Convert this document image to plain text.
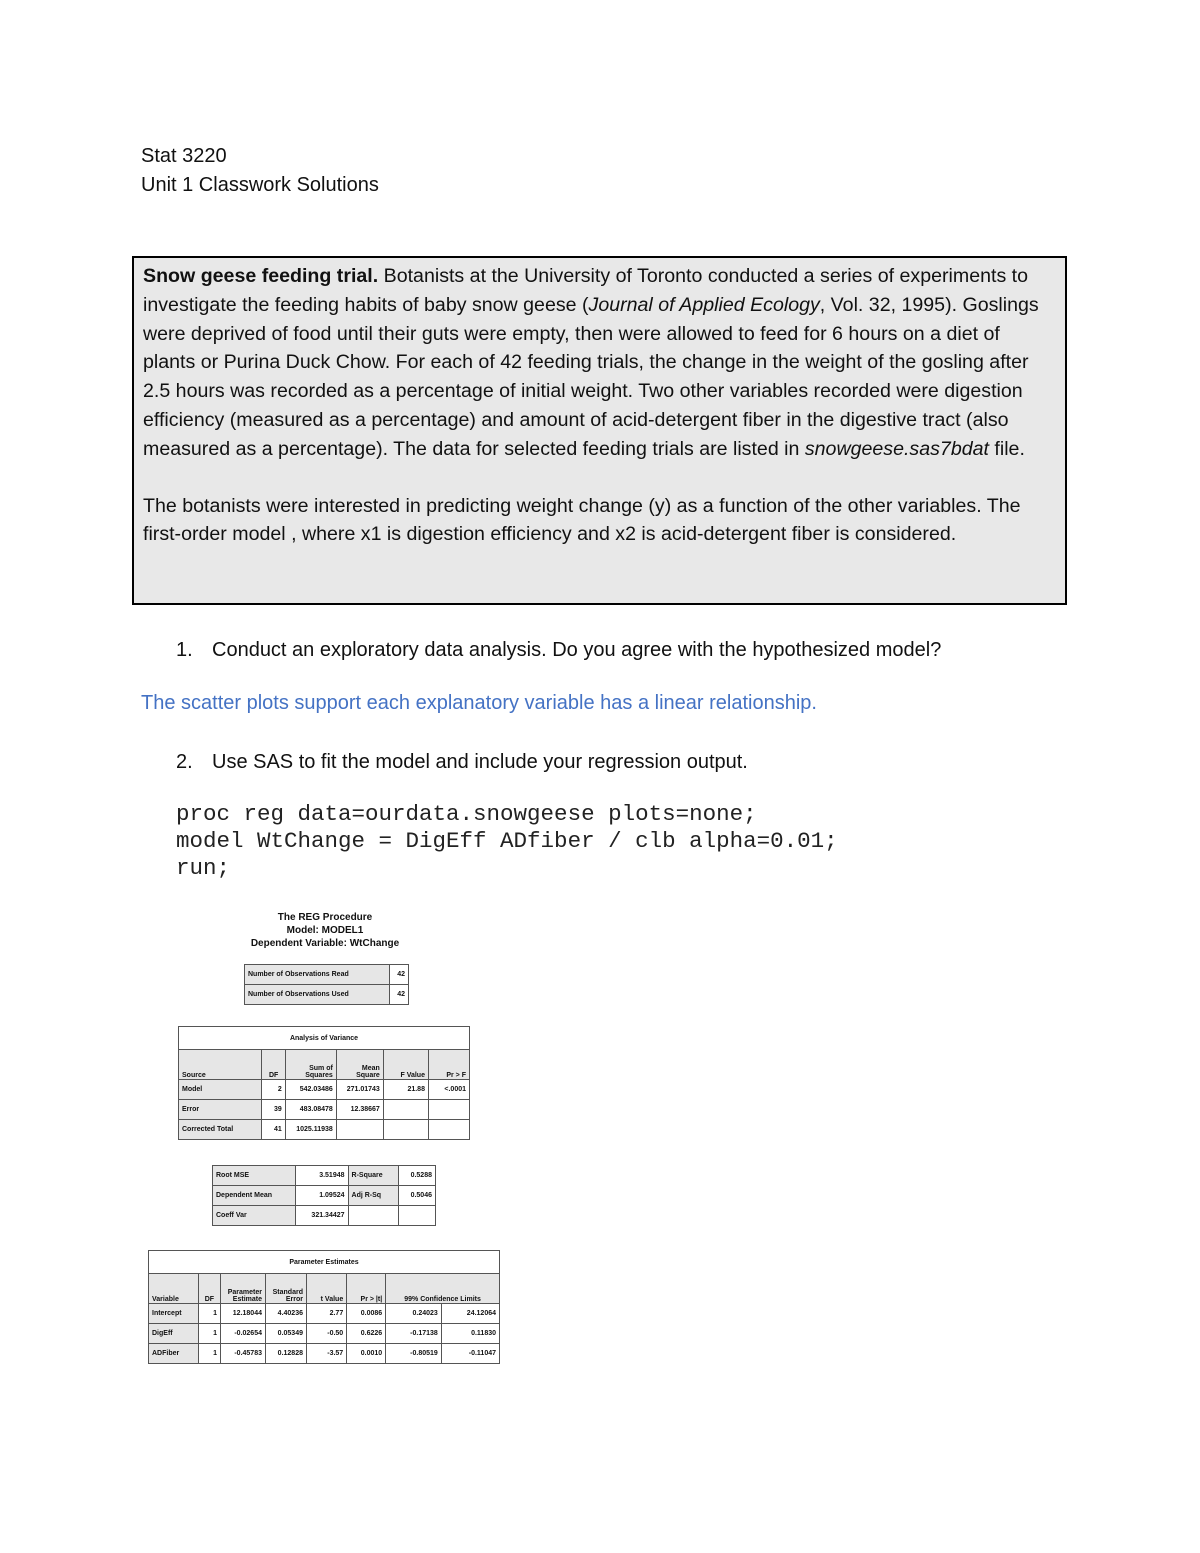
Stat 3220
Unit 1 Classwork Solutions

Snow geese feeding trial. Botanists at the University of Toronto conducted a series of experiments to investigate the feeding habits of baby snow geese (Journal of Applied Ecology, Vol. 32, 1995). Goslings were deprived of food until their guts were empty, then were allowed to feed for 6 hours on a diet of plants or Purina Duck Chow. For each of 42 feeding trials, the change in the weight of the gosling after 2.5 hours was recorded as a percentage of initial weight. Two other variables recorded were digestion efficiency (measured as a percentage) and amount of acid-detergent fiber in the digestive tract (also measured as a percentage). The data for selected feeding trials are listed in snowgeese.sas7bdat file.

The botanists were interested in predicting weight change (y) as a function of the other variables. The first-order model , where x1 is digestion efficiency and x2 is acid-detergent fiber is considered.

1. Conduct an exploratory data analysis. Do you agree with the hypothesized model?
The scatter plots support each explanatory variable has a linear relationship.
2. Use SAS to fit the model and include your regression output.
proc reg data=ourdata.snowgeese plots=none;
model WtChange = DigEff ADfiber / clb alpha=0.01;
run;
The REG Procedure
Model: MODEL1
Dependent Variable: WtChange
Number of Observations Read	42
Number of Observations Used	42
Analysis of Variance					
Source	DF	Sum of Squares	Mean Square	F Value	Pr > F
Model	2	542.03486	271.01743	21.88	<.0001
Error	39	483.08478	12.38667		
Corrected Total	41	1025.11938			
Root MSE	3.51948	R-Square	0.5288
Dependent Mean	1.09524	Adj R-Sq	0.5046
Coeff Var	321.34427		
Parameter Estimates							
Variable	DF	Parameter Estimate	Standard Error	t Value	Pr > |t|	99% Confidence Limits	
Intercept	1	12.18044	4.40236	2.77	0.0086	0.24023	24.12064
DigEff	1	-0.02654	0.05349	-0.50	0.6226	-0.17138	0.11830
ADFiber	1	-0.45783	0.12828	-3.57	0.0010	-0.80519	-0.11047
